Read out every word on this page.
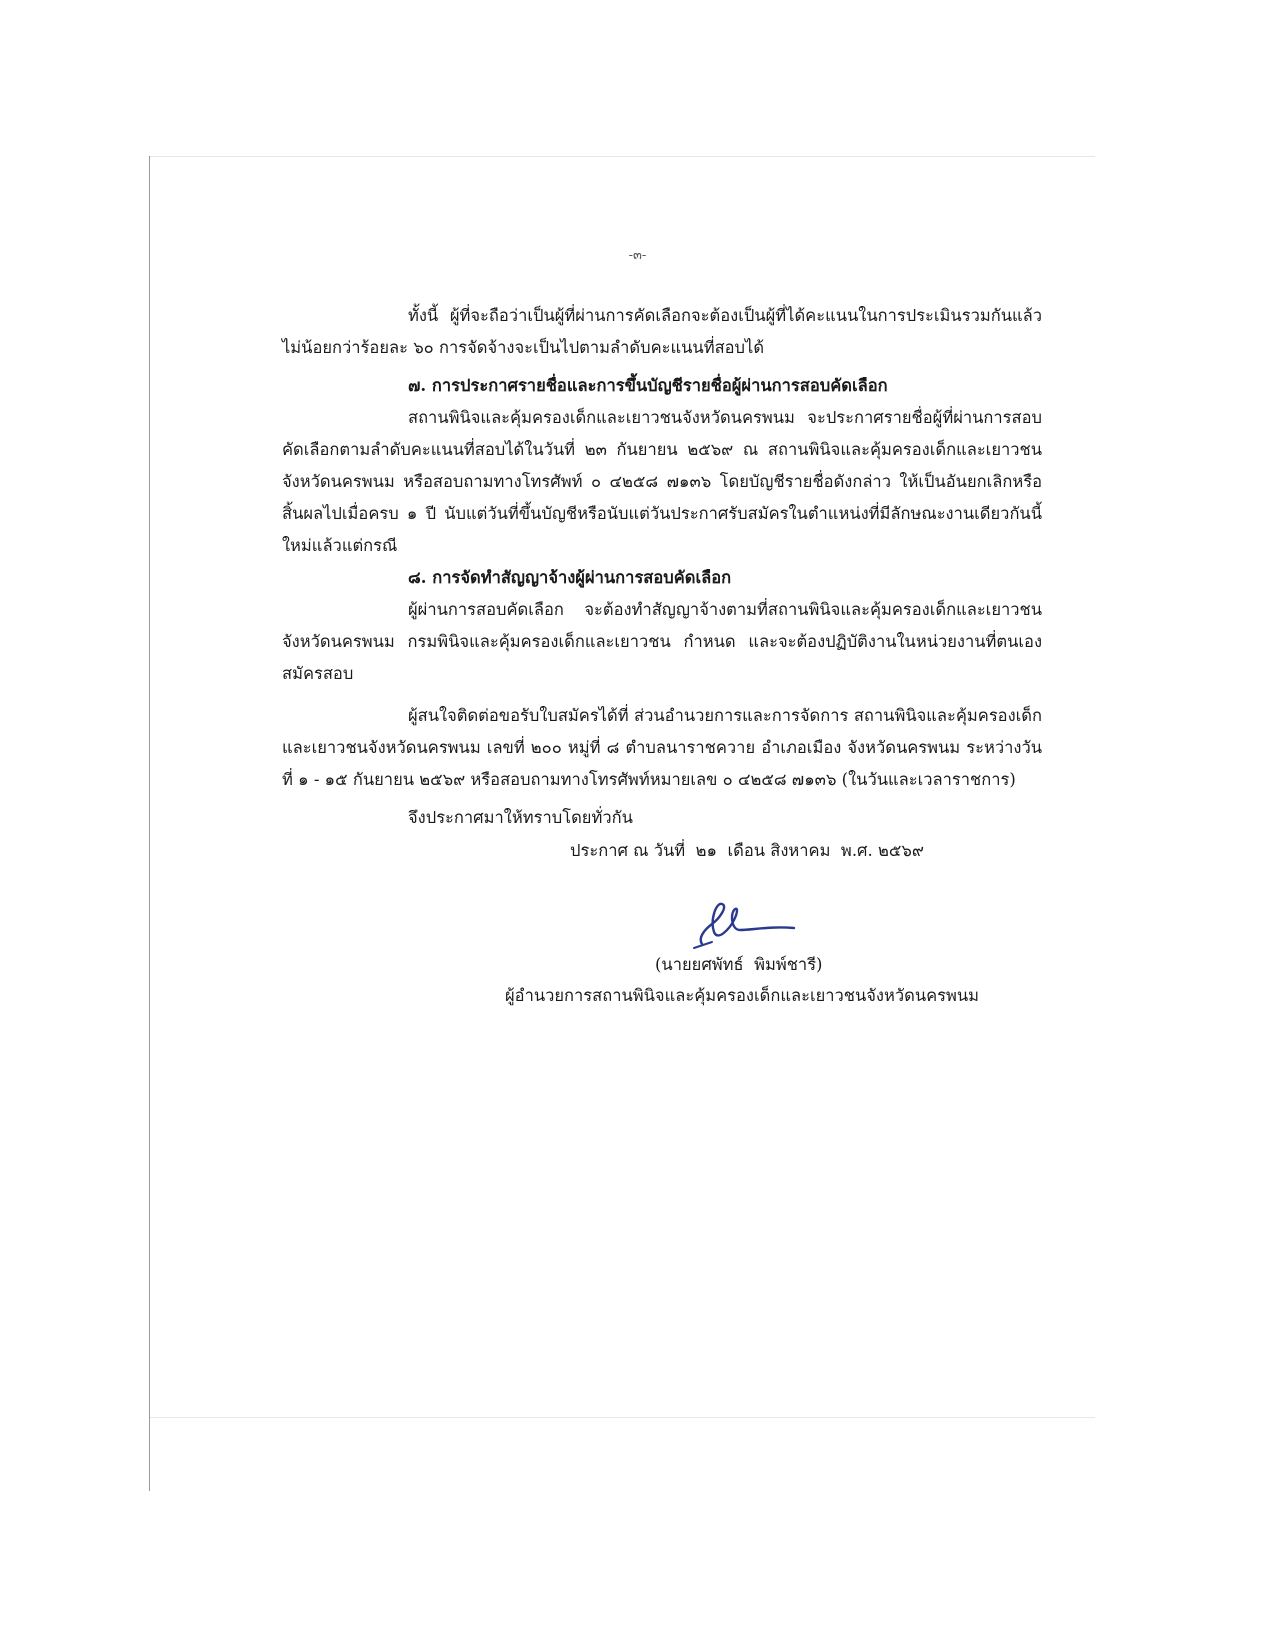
-๓-

ทั้งนี้ ผู้ที่จะถือว่าเป็นผู้ที่ผ่านการคัดเลือกจะต้องเป็นผู้ที่ได้คะแนนในการประเมินรวมกันแล้ว ไม่น้อยกว่าร้อยละ ๖๐ การจัดจ้างจะเป็นไปตามลำดับคะแนนที่สอบได้

๗. การประกาศรายชื่อและการขึ้นบัญชีรายชื่อผู้ผ่านการสอบคัดเลือก

สถานพินิจและคุ้มครองเด็กและเยาวชนจังหวัดนครพนม จะประกาศรายชื่อผู้ที่ผ่านการสอบคัดเลือกตามลำดับคะแนนที่สอบได้ในวันที่ ๒๓ กันยายน ๒๕๖๙ ณ สถานพินิจและคุ้มครองเด็กและเยาวชนจังหวัดนครพนม หรือสอบถามทางโทรศัพท์ ๐ ๔๒๕๘ ๗๑๓๖ โดยบัญชีรายชื่อดังกล่าว ให้เป็นอันยกเลิกหรือสิ้นผลไปเมื่อครบ ๑ ปี นับแต่วันที่ขึ้นบัญชีหรือนับแต่วันประกาศรับสมัครในตำแหน่งที่มีลักษณะงานเดียวกันนี้ใหม่แล้วแต่กรณี

๘. การจัดทำสัญญาจ้างผู้ผ่านการสอบคัดเลือก

ผู้ผ่านการสอบคัดเลือก จะต้องทำสัญญาจ้างตามที่สถานพินิจและคุ้มครองเด็กและเยาวชนจังหวัดนครพนม กรมพินิจและคุ้มครองเด็กและเยาวชน กำหนด และจะต้องปฏิบัติงานในหน่วยงานที่ตนเองสมัครสอบ

ผู้สนใจติดต่อขอรับใบสมัครได้ที่ ส่วนอำนวยการและการจัดการ สถานพินิจและคุ้มครองเด็กและเยาวชนจังหวัดนครพนม เลขที่ ๒๐๐ หมู่ที่ ๘ ตำบลนาราชควาย อำเภอเมือง จังหวัดนครพนม ระหว่างวันที่ ๑ - ๑๕ กันยายน ๒๕๖๙ หรือสอบถามทางโทรศัพท์หมายเลข ๐ ๔๒๕๘ ๗๑๓๖ (ในวันและเวลาราชการ)

จึงประกาศมาให้ทราบโดยทั่วกัน

ประกาศ ณ วันที่  ๒๑  เดือน สิงหาคม  พ.ศ. ๒๕๖๙
(นายยศพัทธ์  พิมพ์ชารี)
ผู้อำนวยการสถานพินิจและคุ้มครองเด็กและเยาวชนจังหวัดนครพนม
